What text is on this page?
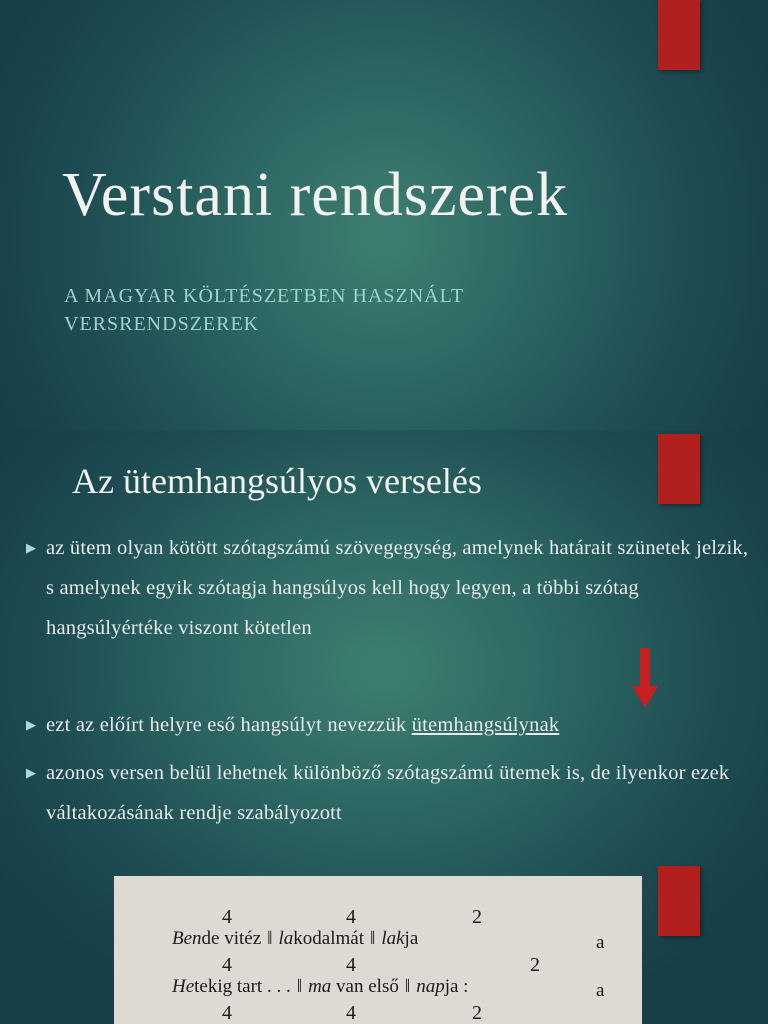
Verstani rendszerek
A MAGYAR KÖLTÉSZETBEN HASZNÁLT VERSRENDSZEREK
Az ütemhangsúlyos verselés
▶ az ütem olyan kötött szótagszámú szövegegység, amelynek határait szünetek jelzik, s amelynek egyik szótagja hangsúlyos kell hogy legyen, a többi szótag hangsúlyértéke viszont kötetlen
▶ ezt az előírt helyre eső hangsúlyt nevezzük ütemhangsúlynak
▶ azonos versen belül lehetnek különböző szótagszámú ütemek is, de ilyenkor ezek váltakozásának rendje szabályozott
4	4	2
Bende vitéz ‖ lakodalmát ‖ lakja	a
4	4	2
Hetekig tart . . . ‖ ma van első ‖ napja :	a
4	4	2
